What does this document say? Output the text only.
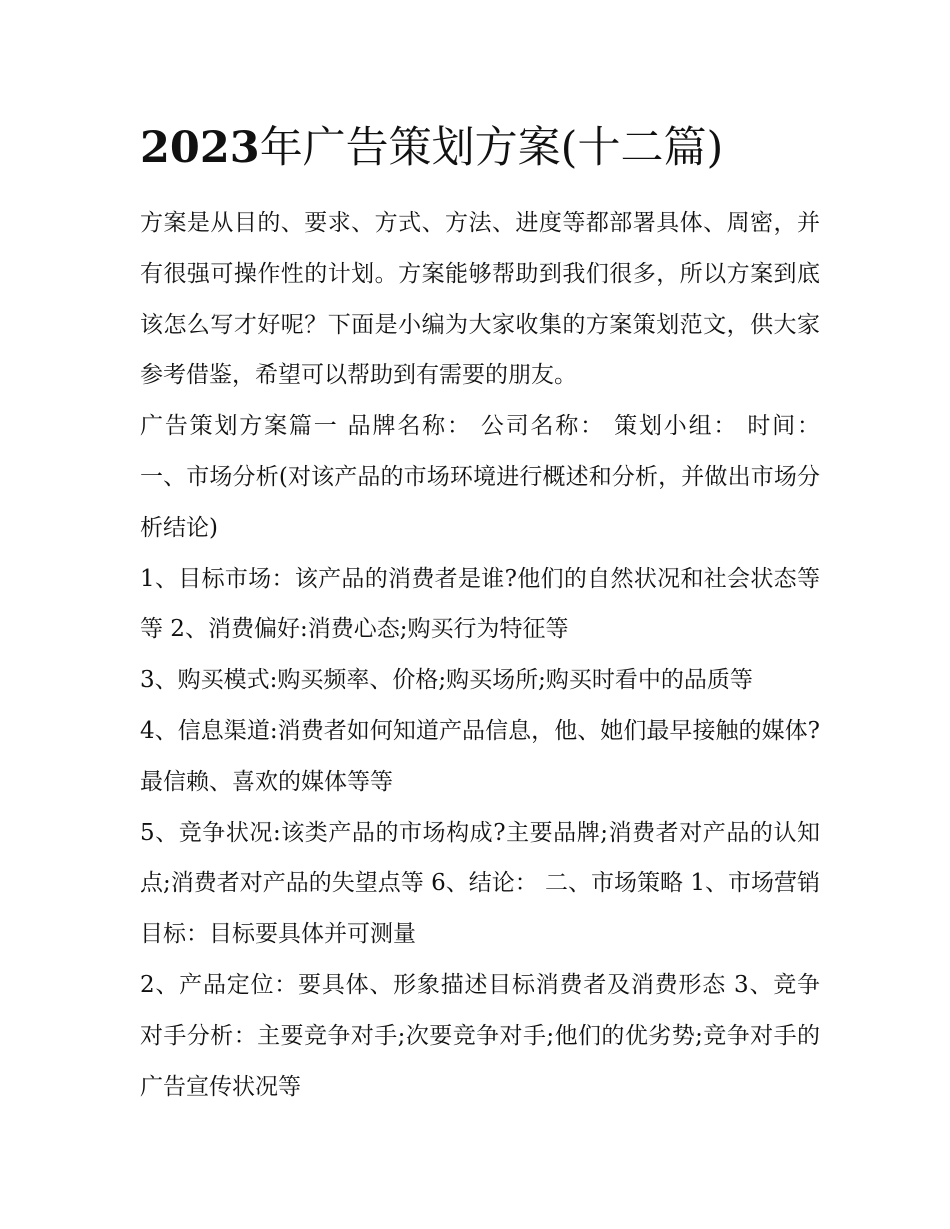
2023年广告策划方案(十二篇)

方案是从目的、要求、方式、方法、进度等都部署具体、周密，并有很强可操作性的计划。方案能够帮助到我们很多，所以方案到底该怎么写才好呢？下面是小编为大家收集的方案策划范文，供大家参考借鉴，希望可以帮助到有需要的朋友。

广告策划方案篇一 品牌名称： 公司名称： 策划小组： 时间： 一、市场分析(对该产品的市场环境进行概述和分析，并做出市场分析结论)

1、目标市场：该产品的消费者是谁?他们的自然状况和社会状态等等 2、消费偏好:消费心态;购买行为特征等

3、购买模式:购买频率、价格;购买场所;购买时看中的品质等

4、信息渠道:消费者如何知道产品信息，他、她们最早接触的媒体?最信赖、喜欢的媒体等等

5、竞争状况:该类产品的市场构成?主要品牌;消费者对产品的认知点;消费者对产品的失望点等 6、结论： 二、市场策略 1、市场营销目标：目标要具体并可测量

2、产品定位：要具体、形象描述目标消费者及消费形态 3、竞争对手分析：主要竞争对手;次要竞争对手;他们的优劣势;竞争对手的广告宣传状况等
